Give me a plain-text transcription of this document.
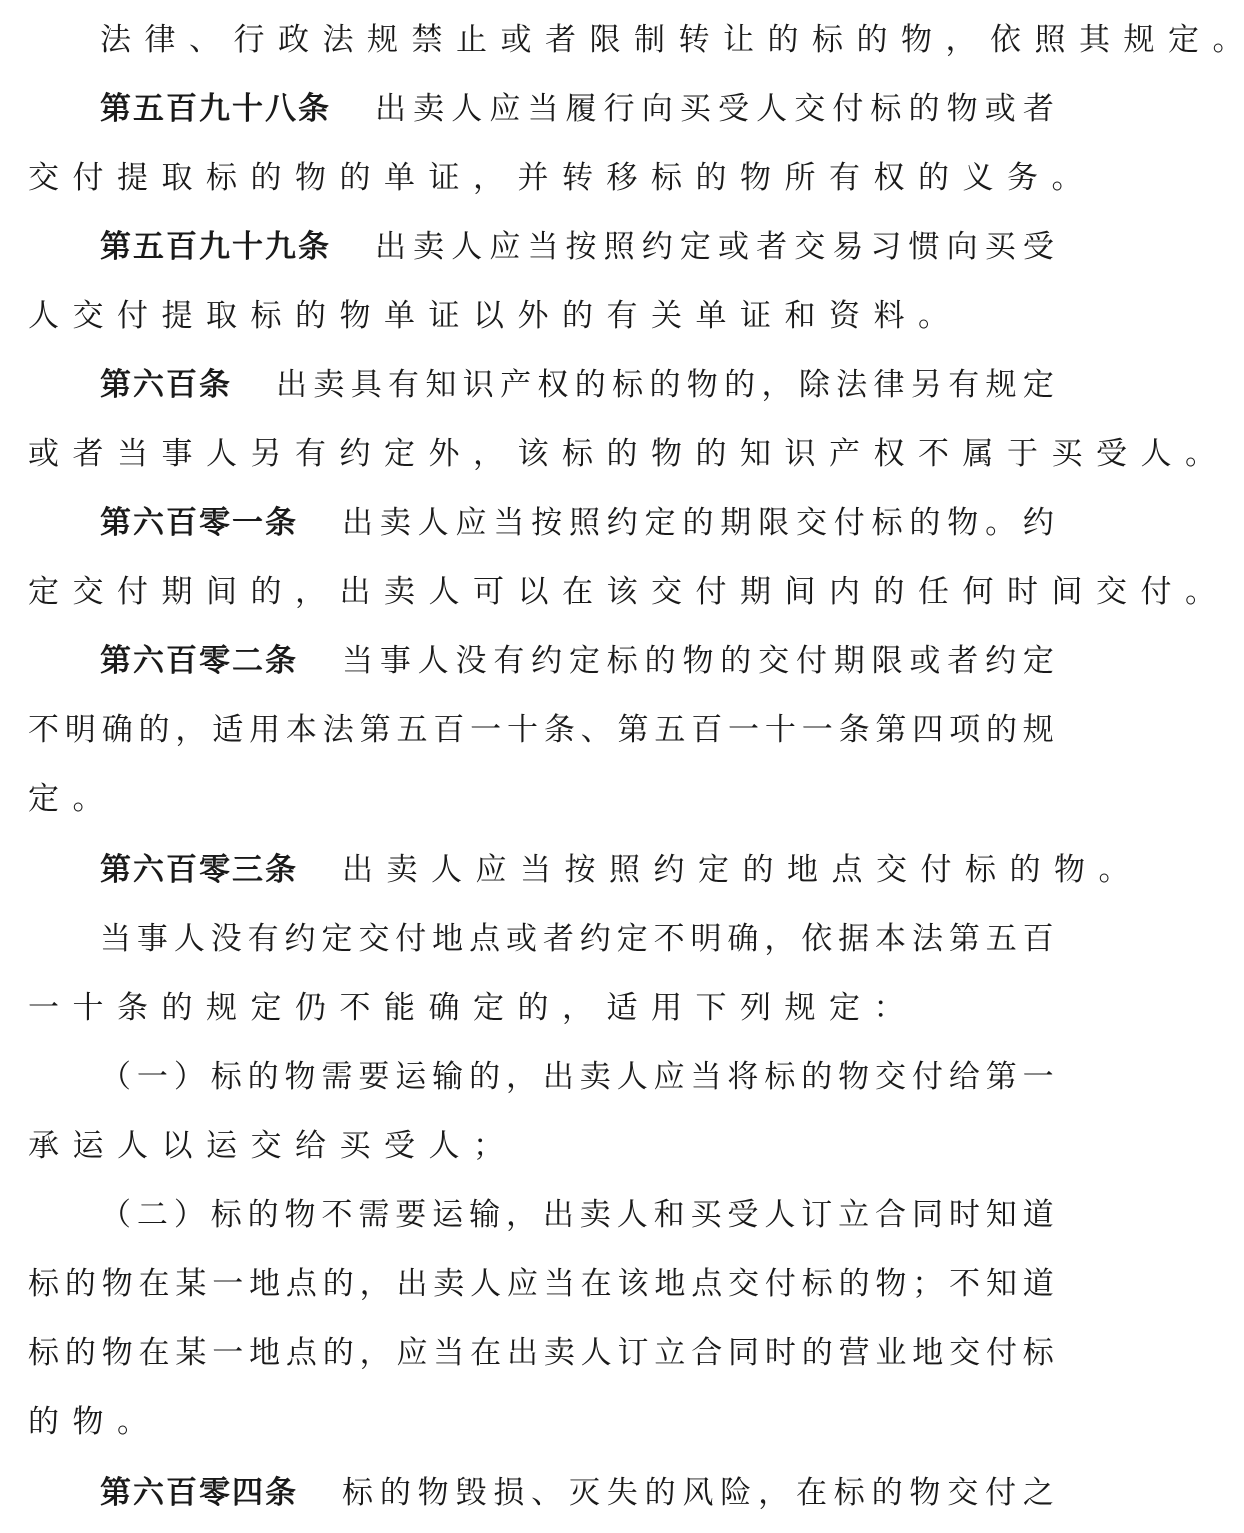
法 律 、 行 政 法 规 禁 止 或 者 限 制 转 让 的 标 的 物 ， 依 照 其 规 定 。
第五百九十八条 出 卖 人 应 当 履 行 向 买 受 人 交 付 标 的 物 或 者
交 付 提 取 标 的 物 的 单 证 ， 并 转 移 标 的 物 所 有 权 的 义 务 。
第五百九十九条 出 卖 人 应 当 按 照 约 定 或 者 交 易 习 惯 向 买 受
人 交 付 提 取 标 的 物 单 证 以 外 的 有 关 单 证 和 资 料 。
第六百条 出 卖 具 有 知 识 产 权 的 标 的 物 的 ， 除 法 律 另 有 规 定
或 者 当 事 人 另 有 约 定 外 ， 该 标 的 物 的 知 识 产 权 不 属 于 买 受 人 。
第六百零一条 出 卖 人 应 当 按 照 约 定 的 期 限 交 付 标 的 物 。 约
定 交 付 期 间 的 ， 出 卖 人 可 以 在 该 交 付 期 间 内 的 任 何 时 间 交 付 。
第六百零二条 当 事 人 没 有 约 定 标 的 物 的 交 付 期 限 或 者 约 定
不 明 确 的 ， 适 用 本 法 第 五 百 一 十 条 、 第 五 百 一 十 一 条 第 四 项 的 规
定 。
第六百零三条 出 卖 人 应 当 按 照 约 定 的 地 点 交 付 标 的 物 。
当 事 人 没 有 约 定 交 付 地 点 或 者 约 定 不 明 确 ， 依 据 本 法 第 五 百
一 十 条 的 规 定 仍 不 能 确 定 的 ， 适 用 下 列 规 定 ：
（ 一 ） 标 的 物 需 要 运 输 的 ， 出 卖 人 应 当 将 标 的 物 交 付 给 第 一
承 运 人 以 运 交 给 买 受 人 ；
（ 二 ） 标 的 物 不 需 要 运 输 ， 出 卖 人 和 买 受 人 订 立 合 同 时 知 道
标 的 物 在 某 一 地 点 的 ， 出 卖 人 应 当 在 该 地 点 交 付 标 的 物 ； 不 知 道
标 的 物 在 某 一 地 点 的 ， 应 当 在 出 卖 人 订 立 合 同 时 的 营 业 地 交 付 标
的 物 。
第六百零四条 标 的 物 毁 损 、 灭 失 的 风 险 ， 在 标 的 物 交 付 之
